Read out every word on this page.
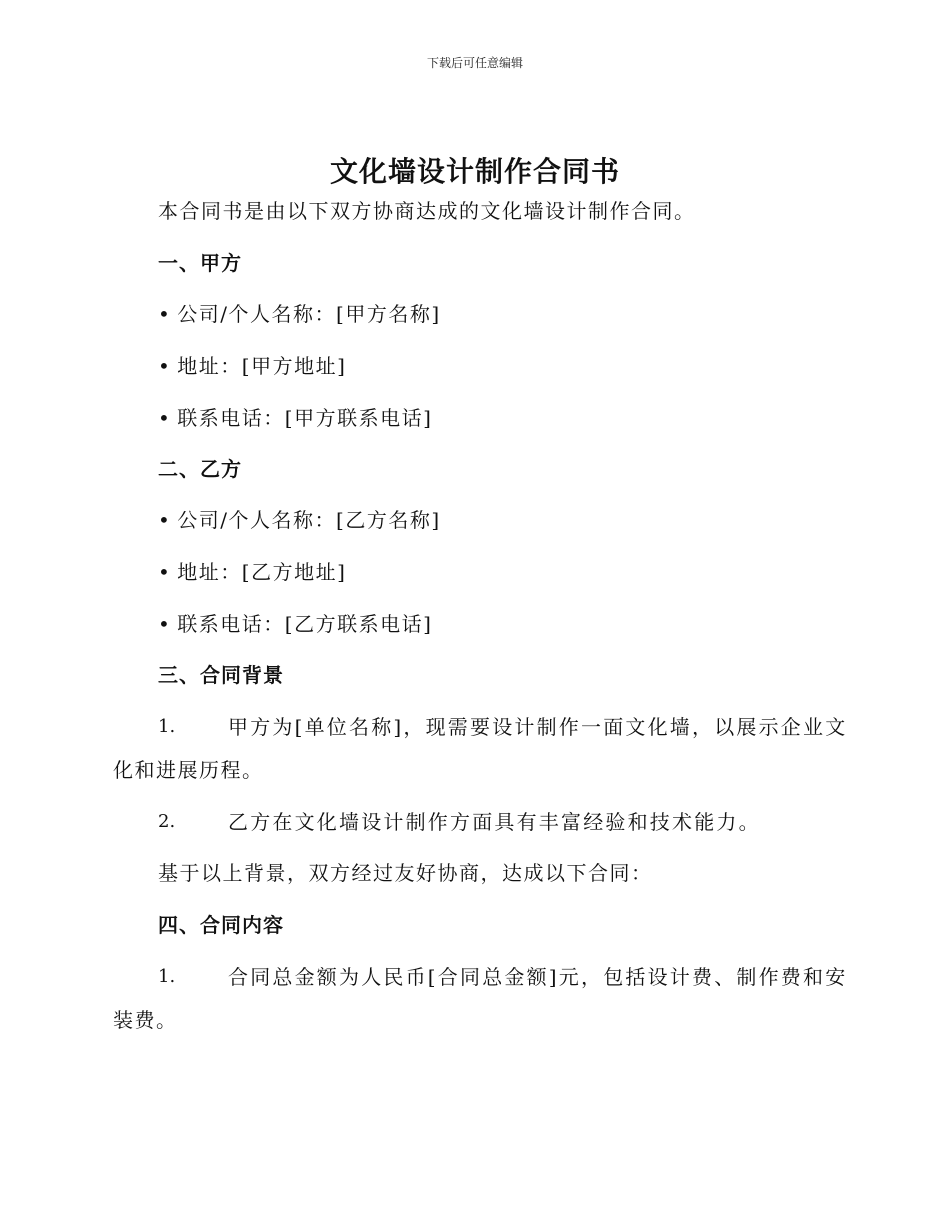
下载后可任意编辑
文化墙设计制作合同书
本合同书是由以下双方协商达成的文化墙设计制作合同。
一、甲方
• 公司/个人名称：[甲方名称]
• 地址：[甲方地址]
• 联系电话：[甲方联系电话]
二、乙方
• 公司/个人名称：[乙方名称]
• 地址：[乙方地址]
• 联系电话：[乙方联系电话]
三、合同背景
1.	甲方为[单位名称]，现需要设计制作一面文化墙，以展示企业文
化和进展历程。
2.	乙方在文化墙设计制作方面具有丰富经验和技术能力。
基于以上背景，双方经过友好协商，达成以下合同：
四、合同内容
1.	合同总金额为人民币[合同总金额]元，包括设计费、制作费和安
装费。
